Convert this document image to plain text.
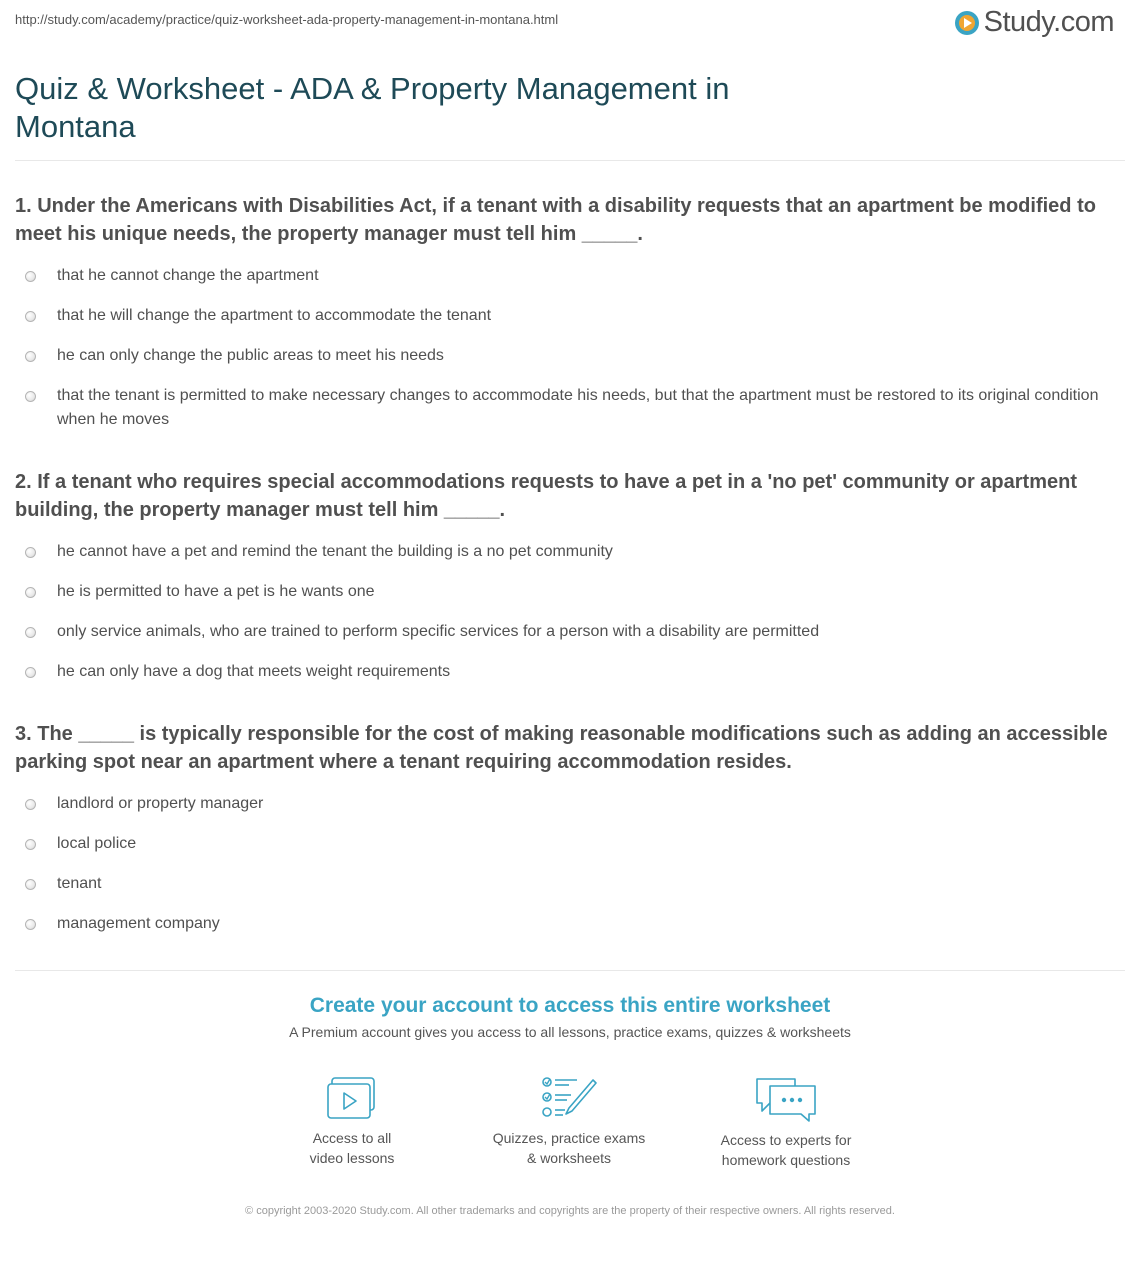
http://study.com/academy/practice/quiz-worksheet-ada-property-management-in-montana.html	Study.com
Quiz & Worksheet - ADA & Property Management in Montana

1. Under the Americans with Disabilities Act, if a tenant with a disability requests that an apartment be modified to meet his unique needs, the property manager must tell him _____.

that he cannot change the apartment
that he will change the apartment to accommodate the tenant
he can only change the public areas to meet his needs
that the tenant is permitted to make necessary changes to accommodate his needs, but that the apartment must be restored to its original condition when he moves

2. If a tenant who requires special accommodations requests to have a pet in a 'no pet' community or apartment building, the property manager must tell him _____.

he cannot have a pet and remind the tenant the building is a no pet community
he is permitted to have a pet is he wants one
only service animals, who are trained to perform specific services for a person with a disability are permitted
he can only have a dog that meets weight requirements

3. The _____ is typically responsible for the cost of making reasonable modifications such as adding an accessible parking spot near an apartment where a tenant requiring accommodation resides.

landlord or property manager
local police
tenant
management company
Create your account to access this entire worksheet
A Premium account gives you access to all lessons, practice exams, quizzes & worksheets
Access to all
video lessons
Quizzes, practice exams
& worksheets
Access to experts for
homework questions
© copyright 2003-2020 Study.com. All other trademarks and copyrights are the property of their respective owners. All rights reserved.
